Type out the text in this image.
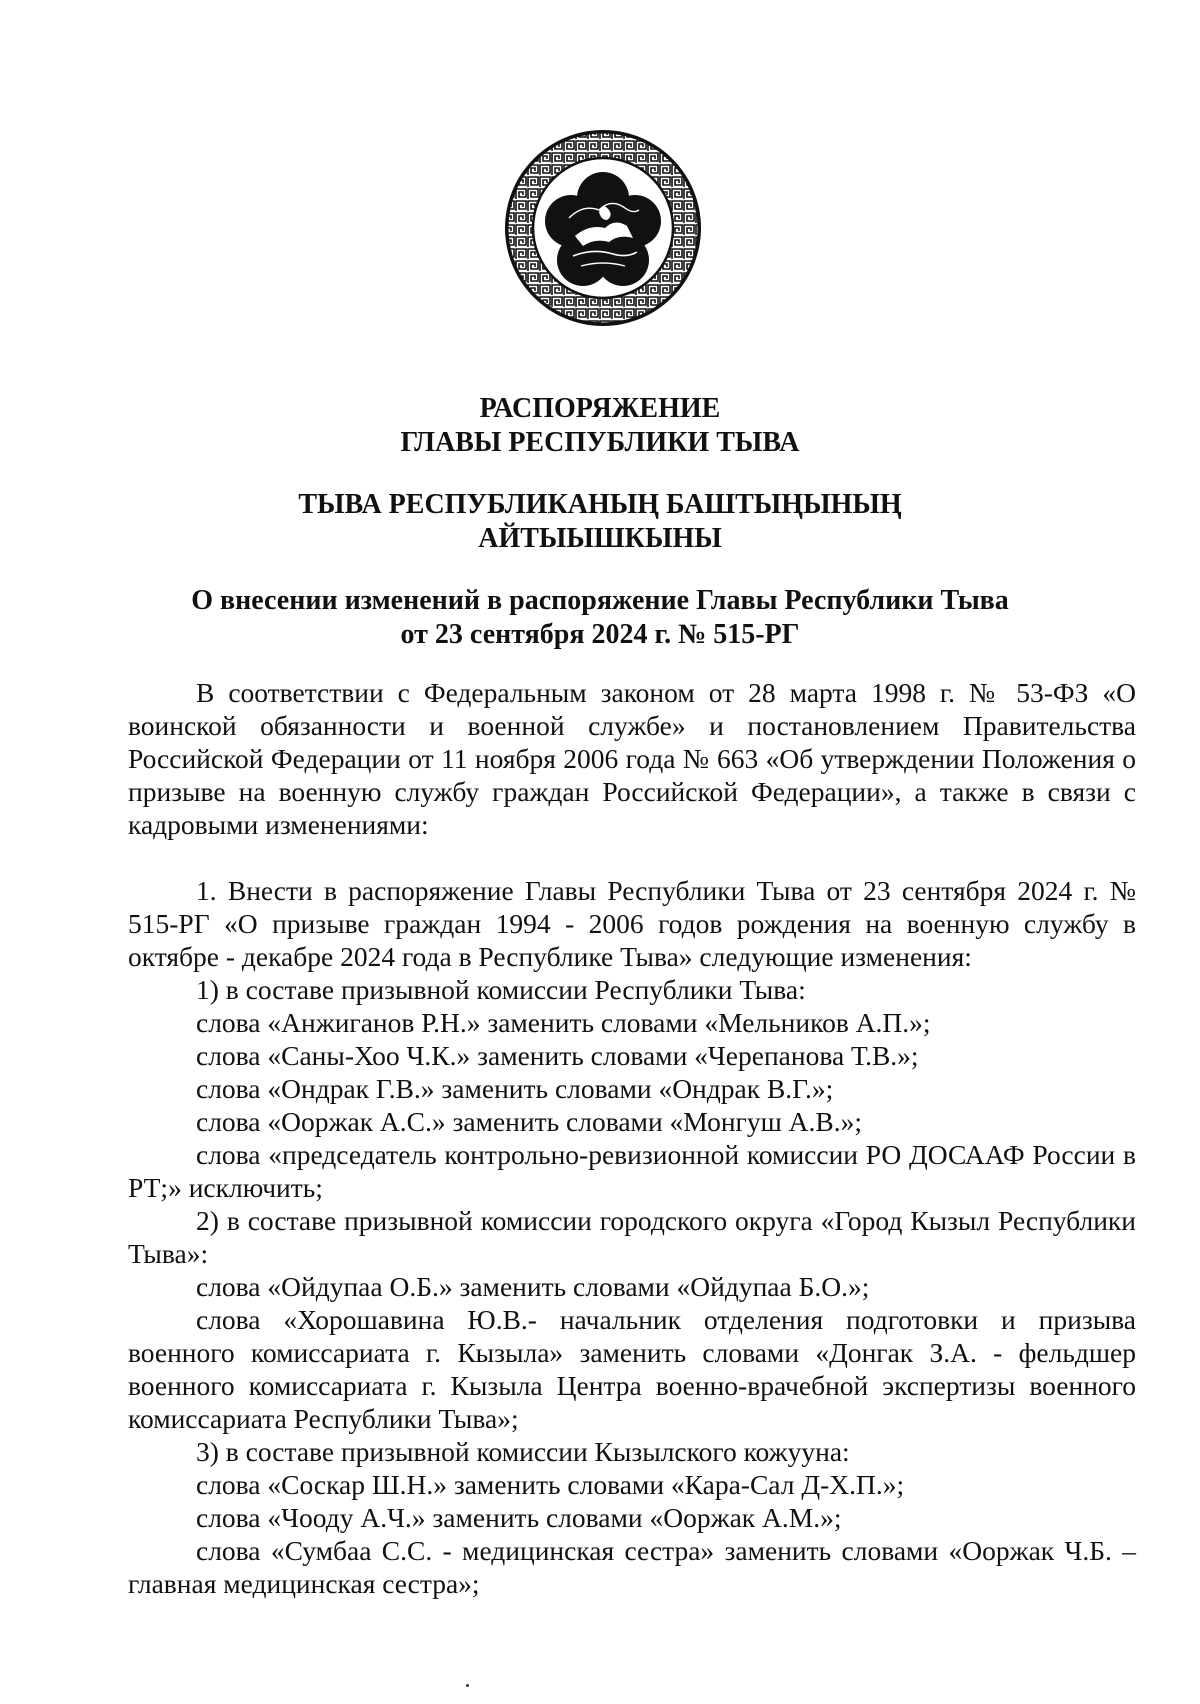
РАСПОРЯЖЕНИЕ
ГЛАВЫ РЕСПУБЛИКИ ТЫВА
ТЫВА РЕСПУБЛИКАНЫҢ БАШТЫҢЫНЫҢ
АЙТЫЫШКЫНЫ
О внесении изменений в распоряжение Главы Республики Тыва
от 23 сентября 2024 г. № 515-РГ

В соответствии с Федеральным законом от 28 марта 1998 г. № 53-ФЗ «О воинской обязанности и военной службе» и постановлением Правительства Российской Федерации от 11 ноября 2006 года № 663 «Об утверждении Положения о призыве на военную службу граждан Российской Федерации», а также в связи с кадровыми изменениями:

1. Внести в распоряжение Главы Республики Тыва от 23 сентября 2024 г. № 515-РГ «О призыве граждан 1994 - 2006 годов рождения на военную службу в октябре - декабре 2024 года в Республике Тыва» следующие изменения:

1) в составе призывной комиссии Республики Тыва:

слова «Анжиганов Р.Н.» заменить словами «Мельников А.П.»;

слова «Саны-Хоо Ч.К.» заменить словами «Черепанова Т.В.»;

слова «Ондрак Г.В.» заменить словами «Ондрак В.Г.»;

слова «Ооржак А.С.» заменить словами «Монгуш А.В.»;

слова «председатель контрольно-ревизионной комиссии РО ДОСААФ России в РТ;» исключить;

2) в составе призывной комиссии городского округа «Город Кызыл Республики Тыва»:

слова «Ойдупаа О.Б.» заменить словами «Ойдупаа Б.О.»;

слова «Хорошавина Ю.В.- начальник отделения подготовки и призыва военного комиссариата г. Кызыла» заменить словами «Донгак З.А. - фельдшер военного комиссариата г. Кызыла Центра военно-врачебной экспертизы военного комиссариата Республики Тыва»;

3) в составе призывной комиссии Кызылского кожууна:

слова «Соскар Ш.Н.» заменить словами «Кара-Сал Д-Х.П.»;

слова «Чооду А.Ч.» заменить словами «Ооржак А.М.»;

слова «Сумбаа С.С. - медицинская сестра» заменить словами «Ооржак Ч.Б. – главная медицинская сестра»;
